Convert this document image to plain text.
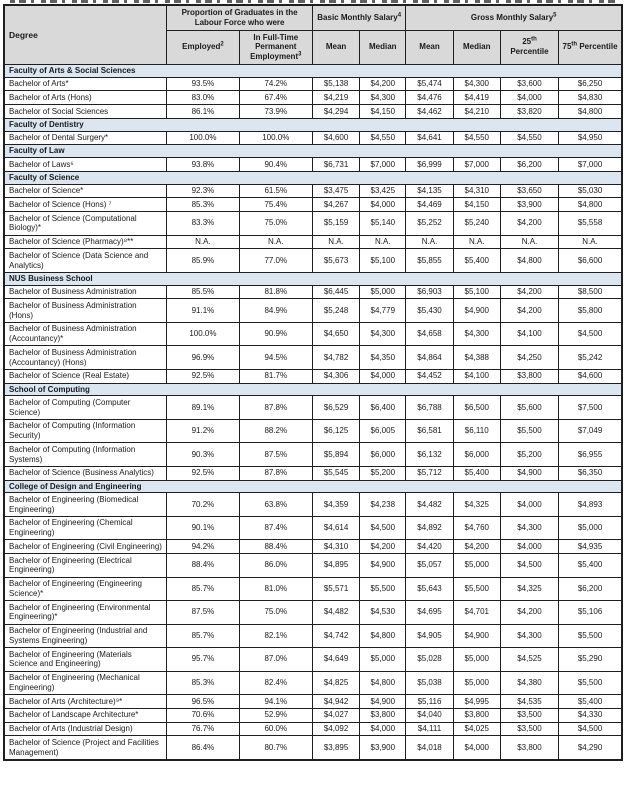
Degree	Proportion of Graduates in the Labour Force who were		Basic Monthly Salary$^4$		Gross Monthly Salary$^5$
	Employed$^2$	In Full-Time Permanent Employment$^3$	Mean	Median	Mean	Median	25th Percentile	75th Percentile
Faculty of Arts & Social Sciences								
Bachelor of Arts*	93.5%	74.2%	$5,138	$4,200	$5,474	$4,300	$3,600	$6,250
Bachelor of Arts (Hons)	83.0%	67.4%	$4,219	$4,300	$4,476	$4,419	$4,000	$4,830
Bachelor of Social Sciences	86.1%	73.9%	$4,294	$4,150	$4,462	$4,210	$3,820	$4,800
Faculty of Dentistry								
Bachelor of Dental Surgery*	100.0%	100.0%	$4,600	$4,550	$4,641	$4,550	$4,550	$4,950
Faculty of Law								
Bachelor of Laws⁶	93.8%	90.4%	$6,731	$7,000	$6,999	$7,000	$6,200	$7,000
Faculty of Science								
Bachelor of Science*	92.3%	61.5%	$3,475	$3,425	$4,135	$4,310	$3,650	$5,030
Bachelor of Science (Hons) ⁷	85.3%	75.4%	$4,267	$4,000	$4,469	$4,150	$3,900	$4,800
Bachelor of Science (Computational Biology)*	83.3%	75.0%	$5,159	$5,140	$5,252	$5,240	$4,200	$5,558
Bachelor of Science (Pharmacy)⁸**	N.A.	N.A.	N.A.	N.A.	N.A.	N.A.	N.A.	N.A.
Bachelor of Science (Data Science and Analytics)	85.9%	77.0%	$5,673	$5,100	$5,855	$5,400	$4,800	$6,600
NUS Business School								
Bachelor of Business Administration	85.5%	81.8%	$6,445	$5,000	$6,903	$5,100	$4,200	$8,500
Bachelor of Business Administration (Hons)	91.1%	84.9%	$5,248	$4,779	$5,430	$4,900	$4,200	$5,800
Bachelor of Business Administration (Accountancy)*	100.0%	90.9%	$4,650	$4,300	$4,658	$4,300	$4,100	$4,500
Bachelor of Business Administration (Accountancy) (Hons)	96.9%	94.5%	$4,782	$4,350	$4,864	$4,388	$4,250	$5,242
Bachelor of Science (Real Estate)	92.5%	81.7%	$4,306	$4,000	$4,452	$4,100	$3,800	$4,600
School of Computing								
Bachelor of Computing (Computer Science)	89.1%	87.8%	$6,529	$6,400	$6,788	$6,500	$5,600	$7,500
Bachelor of Computing (Information Security)	91.2%	88.2%	$6,125	$6,005	$6,581	$6,110	$5,500	$7,049
Bachelor of Computing (Information Systems)	90.3%	87.5%	$5,894	$6,000	$6,132	$6,000	$5,200	$6,955
Bachelor of Science (Business Analytics)	92.5%	87.8%	$5,545	$5,200	$5,712	$5,400	$4,900	$6,350
College of Design and Engineering								
Bachelor of Engineering (Biomedical Engineering)	70.2%	63.8%	$4,359	$4,238	$4,482	$4,325	$4,000	$4,893
Bachelor of Engineering (Chemical Engineering)	90.1%	87.4%	$4,614	$4,500	$4,892	$4,760	$4,300	$5,000
Bachelor of Engineering (Civil Engineering)	94.2%	88.4%	$4,310	$4,200	$4,420	$4,200	$4,000	$4,935
Bachelor of Engineering (Electrical Engineering)	88.4%	86.0%	$4,895	$4,900	$5,057	$5,000	$4,500	$5,400
Bachelor of Engineering (Engineering Science)*	85.7%	81.0%	$5,571	$5,500	$5,643	$5,500	$4,325	$6,200
Bachelor of Engineering (Environmental Engineering)*	87.5%	75.0%	$4,482	$4,530	$4,695	$4,701	$4,200	$5,106
Bachelor of Engineering (Industrial and Systems Engineering)	85.7%	82.1%	$4,742	$4,800	$4,905	$4,900	$4,300	$5,500
Bachelor of Engineering (Materials Science and Engineering)	95.7%	87.0%	$4,649	$5,000	$5,028	$5,000	$4,525	$5,290
Bachelor of Engineering (Mechanical Engineering)	85.3%	82.4%	$4,825	$4,800	$5,038	$5,000	$4,380	$5,500
Bachelor of Arts (Architecture)⁹*	96.5%	94.1%	$4,942	$4,900	$5,116	$4,995	$4,535	$5,400
Bachelor of Landscape Architecture*	70.6%	52.9%	$4,027	$3,800	$4,040	$3,800	$3,500	$4,330
Bachelor of Arts (Industrial Design)	76.7%	60.0%	$4,092	$4,000	$4,111	$4,025	$3,500	$4,500
Bachelor of Science (Project and Facilities Management)	86.4%	80.7%	$3,895	$3,900	$4,018	$4,000	$3,800	$4,290
